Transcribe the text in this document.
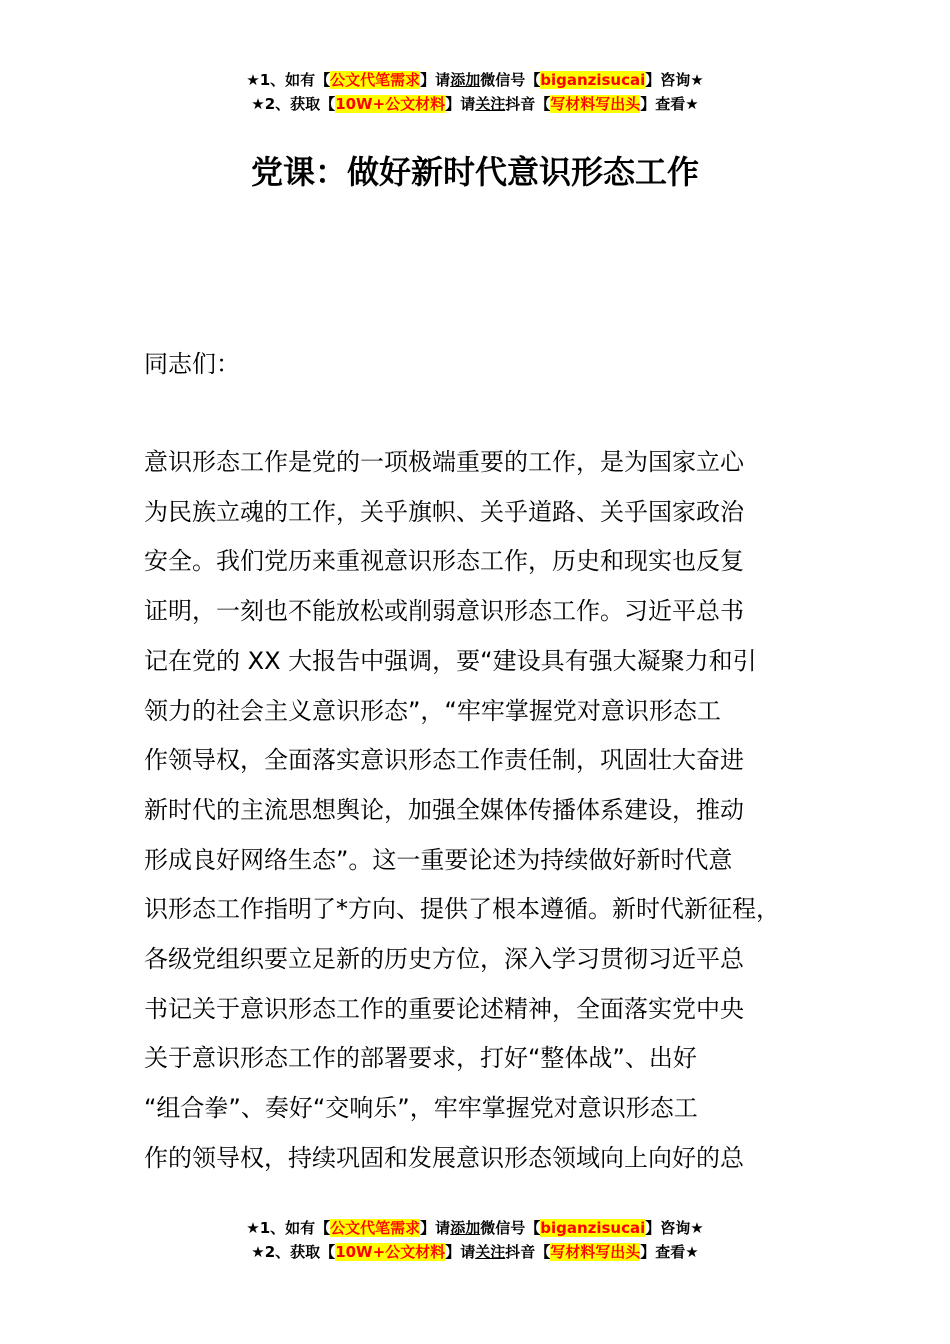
★1、如有【公文代笔需求】请添加微信号【biganzisucai】咨询★
★2、获取【10W+公文材料】请关注抖音【写材料写出头】查看★
党课：做好新时代意识形态工作

同志们：

意识形态工作是党的一项极端重要的工作，是为国家立心
为民族立魂的工作，关乎旗帜、关乎道路、关乎国家政治
安全。我们党历来重视意识形态工作，历史和现实也反复
证明，一刻也不能放松或削弱意识形态工作。习近平总书
记在党的 XX 大报告中强调，要“建设具有强大凝聚力和引
领力的社会主义意识形态”，“牢牢掌握党对意识形态工
作领导权，全面落实意识形态工作责任制，巩固壮大奋进
新时代的主流思想舆论，加强全媒体传播体系建设，推动
形成良好网络生态”。这一重要论述为持续做好新时代意
识形态工作指明了*方向、提供了根本遵循。新时代新征程，
各级党组织要立足新的历史方位，深入学习贯彻习近平总
书记关于意识形态工作的重要论述精神，全面落实党中央
关于意识形态工作的部署要求，打好“整体战”、出好
“组合拳”、奏好“交响乐”，牢牢掌握党对意识形态工
作的领导权，持续巩固和发展意识形态领域向上向好的总

★1、如有【公文代笔需求】请添加微信号【biganzisucai】咨询★
★2、获取【10W+公文材料】请关注抖音【写材料写出头】查看★
